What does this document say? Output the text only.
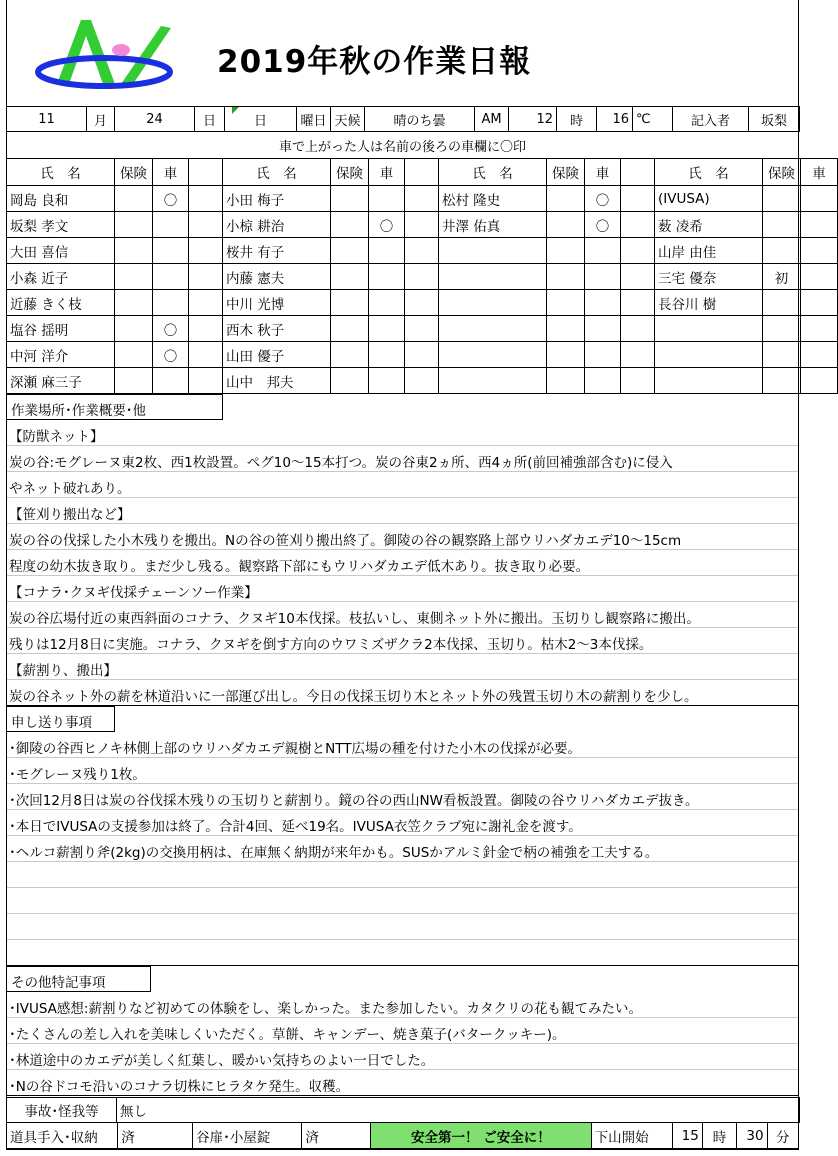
2019年秋の作業日報
11	月	24	日	日	曜日	天候	晴のち曇	AM	12	時	16	℃	記入者	坂梨
車で上がった人は名前の後ろの車欄に〇印
氏　名	保険	車		氏　名	保険	車		氏　名	保険	車		氏　名	保険	車
岡島 良和		〇		小田 梅子				松村 隆史		〇		(IVUSA)		
坂梨 孝文				小椋 耕治		〇		井澤 佑真		〇		薮 凌希		
大田 喜信				桜井 有子								山岸 由佳		
小森 近子				内藤 憲夫								三宅 優奈	初	
近藤 きく枝				中川 光博								長谷川 樹		
塩谷 揺明		〇		西木 秋子										
中河 洋介		〇		山田 優子										
深瀬 麻三子				山中　邦夫										
作業場所･作業概要･他
【防獣ネット】
炭の谷:モグレーヌ東2枚、西1枚設置。ペグ10～15本打つ。炭の谷東2ヵ所、西4ヵ所(前回補強部含む)に侵入
やネット破れあり。
【笹刈り搬出など】
炭の谷の伐採した小木残りを搬出。Nの谷の笹刈り搬出終了。御陵の谷の観察路上部ウリハダカエデ10～15cm
程度の幼木抜き取り。まだ少し残る。観察路下部にもウリハダカエデ低木あり。抜き取り必要。
【コナラ･クヌギ伐採チェーンソー作業】
炭の谷広場付近の東西斜面のコナラ、クヌギ10本伐採。枝払いし、東側ネット外に搬出。玉切りし観察路に搬出。
残りは12月8日に実施。コナラ、クヌギを倒す方向のウワミズザクラ2本伐採、玉切り。枯木2～3本伐採。
【薪割り、搬出】
炭の谷ネット外の薪を林道沿いに一部運び出し。今日の伐採玉切り木とネット外の残置玉切り木の薪割りを少し。
申し送り事項
･御陵の谷西ヒノキ林側上部のウリハダカエデ親樹とNTT広場の種を付けた小木の伐採が必要。
･モグレーヌ残り1枚。
･次回12月8日は炭の谷伐採木残りの玉切りと薪割り。鏡の谷の西山NW看板設置。御陵の谷ウリハダカエデ抜き。
･本日でIVUSAの支援参加は終了。合計4回、延べ19名。IVUSA衣笠クラブ宛に謝礼金を渡す。
･ヘルコ薪割り斧(2kg)の交換用柄は、在庫無く納期が来年かも。SUSかアルミ針金で柄の補強を工夫する。
その他特記事項
･IVUSA感想:薪割りなど初めての体験をし、楽しかった。また参加したい。カタクリの花も観てみたい。
･たくさんの差し入れを美味しくいただく。草餅、キャンデー、焼き菓子(バタークッキー)。
･林道途中のカエデが美しく紅葉し、暖かい気持ちのよい一日でした。
･Nの谷ドコモ沿いのコナラ切株にヒラタケ発生。収穫。
事故･怪我等	無し
道具手入･収納	済	谷扉･小屋錠	済	安全第一！ ご安全に！	下山開始	15	時	30	分
